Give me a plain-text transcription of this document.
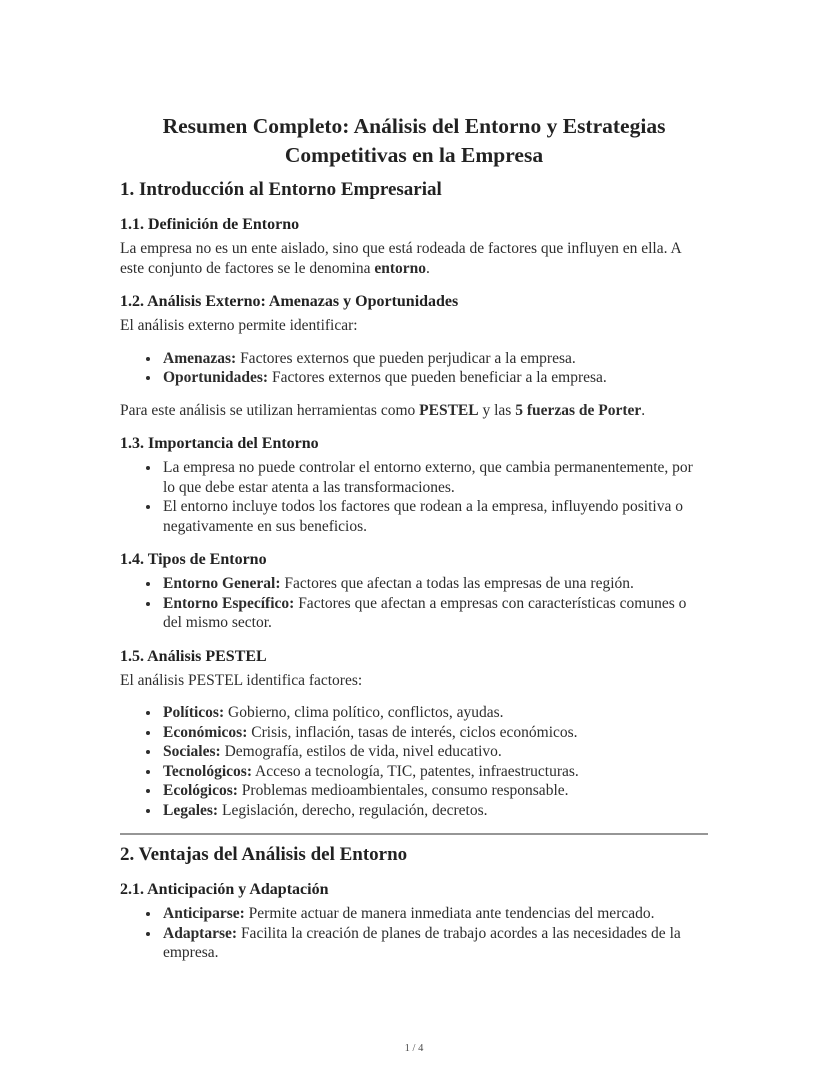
Resumen Completo: Análisis del Entorno y Estrategias Competitivas en la Empresa
1. Introducción al Entorno Empresarial
1.1. Definición de Entorno

La empresa no es un ente aislado, sino que está rodeada de factores que influyen en ella. A este conjunto de factores se le denomina entorno.

1.2. Análisis Externo: Amenazas y Oportunidades

El análisis externo permite identificar:

• Amenazas: Factores externos que pueden perjudicar a la empresa.
• Oportunidades: Factores externos que pueden beneficiar a la empresa.

Para este análisis se utilizan herramientas como PESTEL y las 5 fuerzas de Porter.

1.3. Importancia del Entorno
• La empresa no puede controlar el entorno externo, que cambia permanentemente, por lo que debe estar atenta a las transformaciones.
• El entorno incluye todos los factores que rodean a la empresa, influyendo positiva o negativamente en sus beneficios.
1.4. Tipos de Entorno
• Entorno General: Factores que afectan a todas las empresas de una región.
• Entorno Específico: Factores que afectan a empresas con características comunes o del mismo sector.
1.5. Análisis PESTEL

El análisis PESTEL identifica factores:

• Políticos: Gobierno, clima político, conflictos, ayudas.
• Económicos: Crisis, inflación, tasas de interés, ciclos económicos.
• Sociales: Demografía, estilos de vida, nivel educativo.
• Tecnológicos: Acceso a tecnología, TIC, patentes, infraestructuras.
• Ecológicos: Problemas medioambientales, consumo responsable.
• Legales: Legislación, derecho, regulación, decretos.
2. Ventajas del Análisis del Entorno
2.1. Anticipación y Adaptación
• Anticiparse: Permite actuar de manera inmediata ante tendencias del mercado.
• Adaptarse: Facilita la creación de planes de trabajo acordes a las necesidades de la empresa.
1 / 4
